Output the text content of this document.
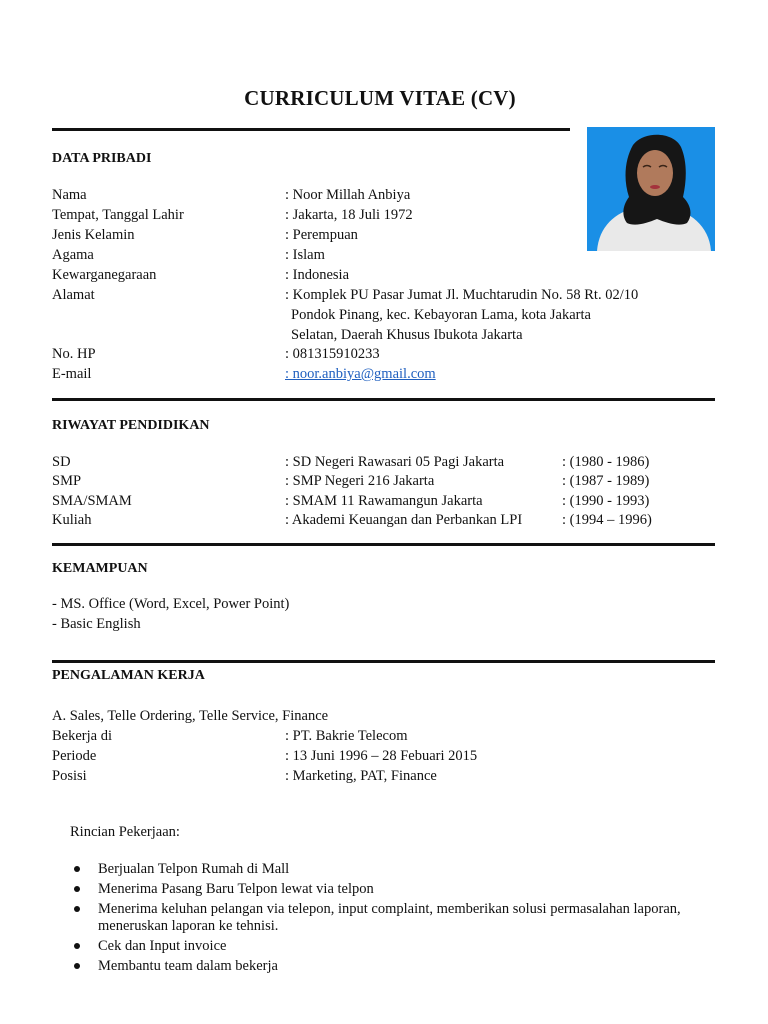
CURRICULUM VITAE (CV)
DATA PRIBADI
Nama	: Noor Millah Anbiya
Tempat, Tanggal Lahir	: Jakarta, 18 Juli 1972
Jenis Kelamin	: Perempuan
Agama	: Islam
Kewarganegaraan	: Indonesia
Alamat	: Komplek PU Pasar Jumat Jl. Muchtarudin No. 58 Rt. 02/10
Pondok Pinang, kec. Kebayoran Lama, kota Jakarta
Selatan, Daerah Khusus Ibukota Jakarta
No. HP	: 081315910233
E-mail	: noor.anbiya@gmail.com
RIWAYAT PENDIDIKAN
SD	: SD Negeri Rawasari 05 Pagi Jakarta	: (1980 - 1986)
SMP	: SMP Negeri 216 Jakarta	: (1987 - 1989)
SMA/SMAM	: SMAM 11 Rawamangun Jakarta	: (1990 - 1993)
Kuliah	: Akademi Keuangan dan Perbankan LPI	: (1994 – 1996)
KEMAMPUAN
- MS. Office (Word, Excel, Power Point)
- Basic English
PENGALAMAN KERJA
A. Sales, Telle Ordering, Telle Service, Finance
Bekerja di	: PT. Bakrie Telecom
Periode	: 13 Juni 1996 – 28 Febuari 2015
Posisi	: Marketing, PAT, Finance
Rincian Pekerjaan:
Berjualan Telpon Rumah di Mall
Menerima Pasang Baru Telpon lewat via telpon
Menerima keluhan pelangan via telepon, input complaint, memberikan solusi permasalahan laporan, meneruskan laporan ke tehnisi.
Cek dan Input invoice
Membantu team dalam bekerja
